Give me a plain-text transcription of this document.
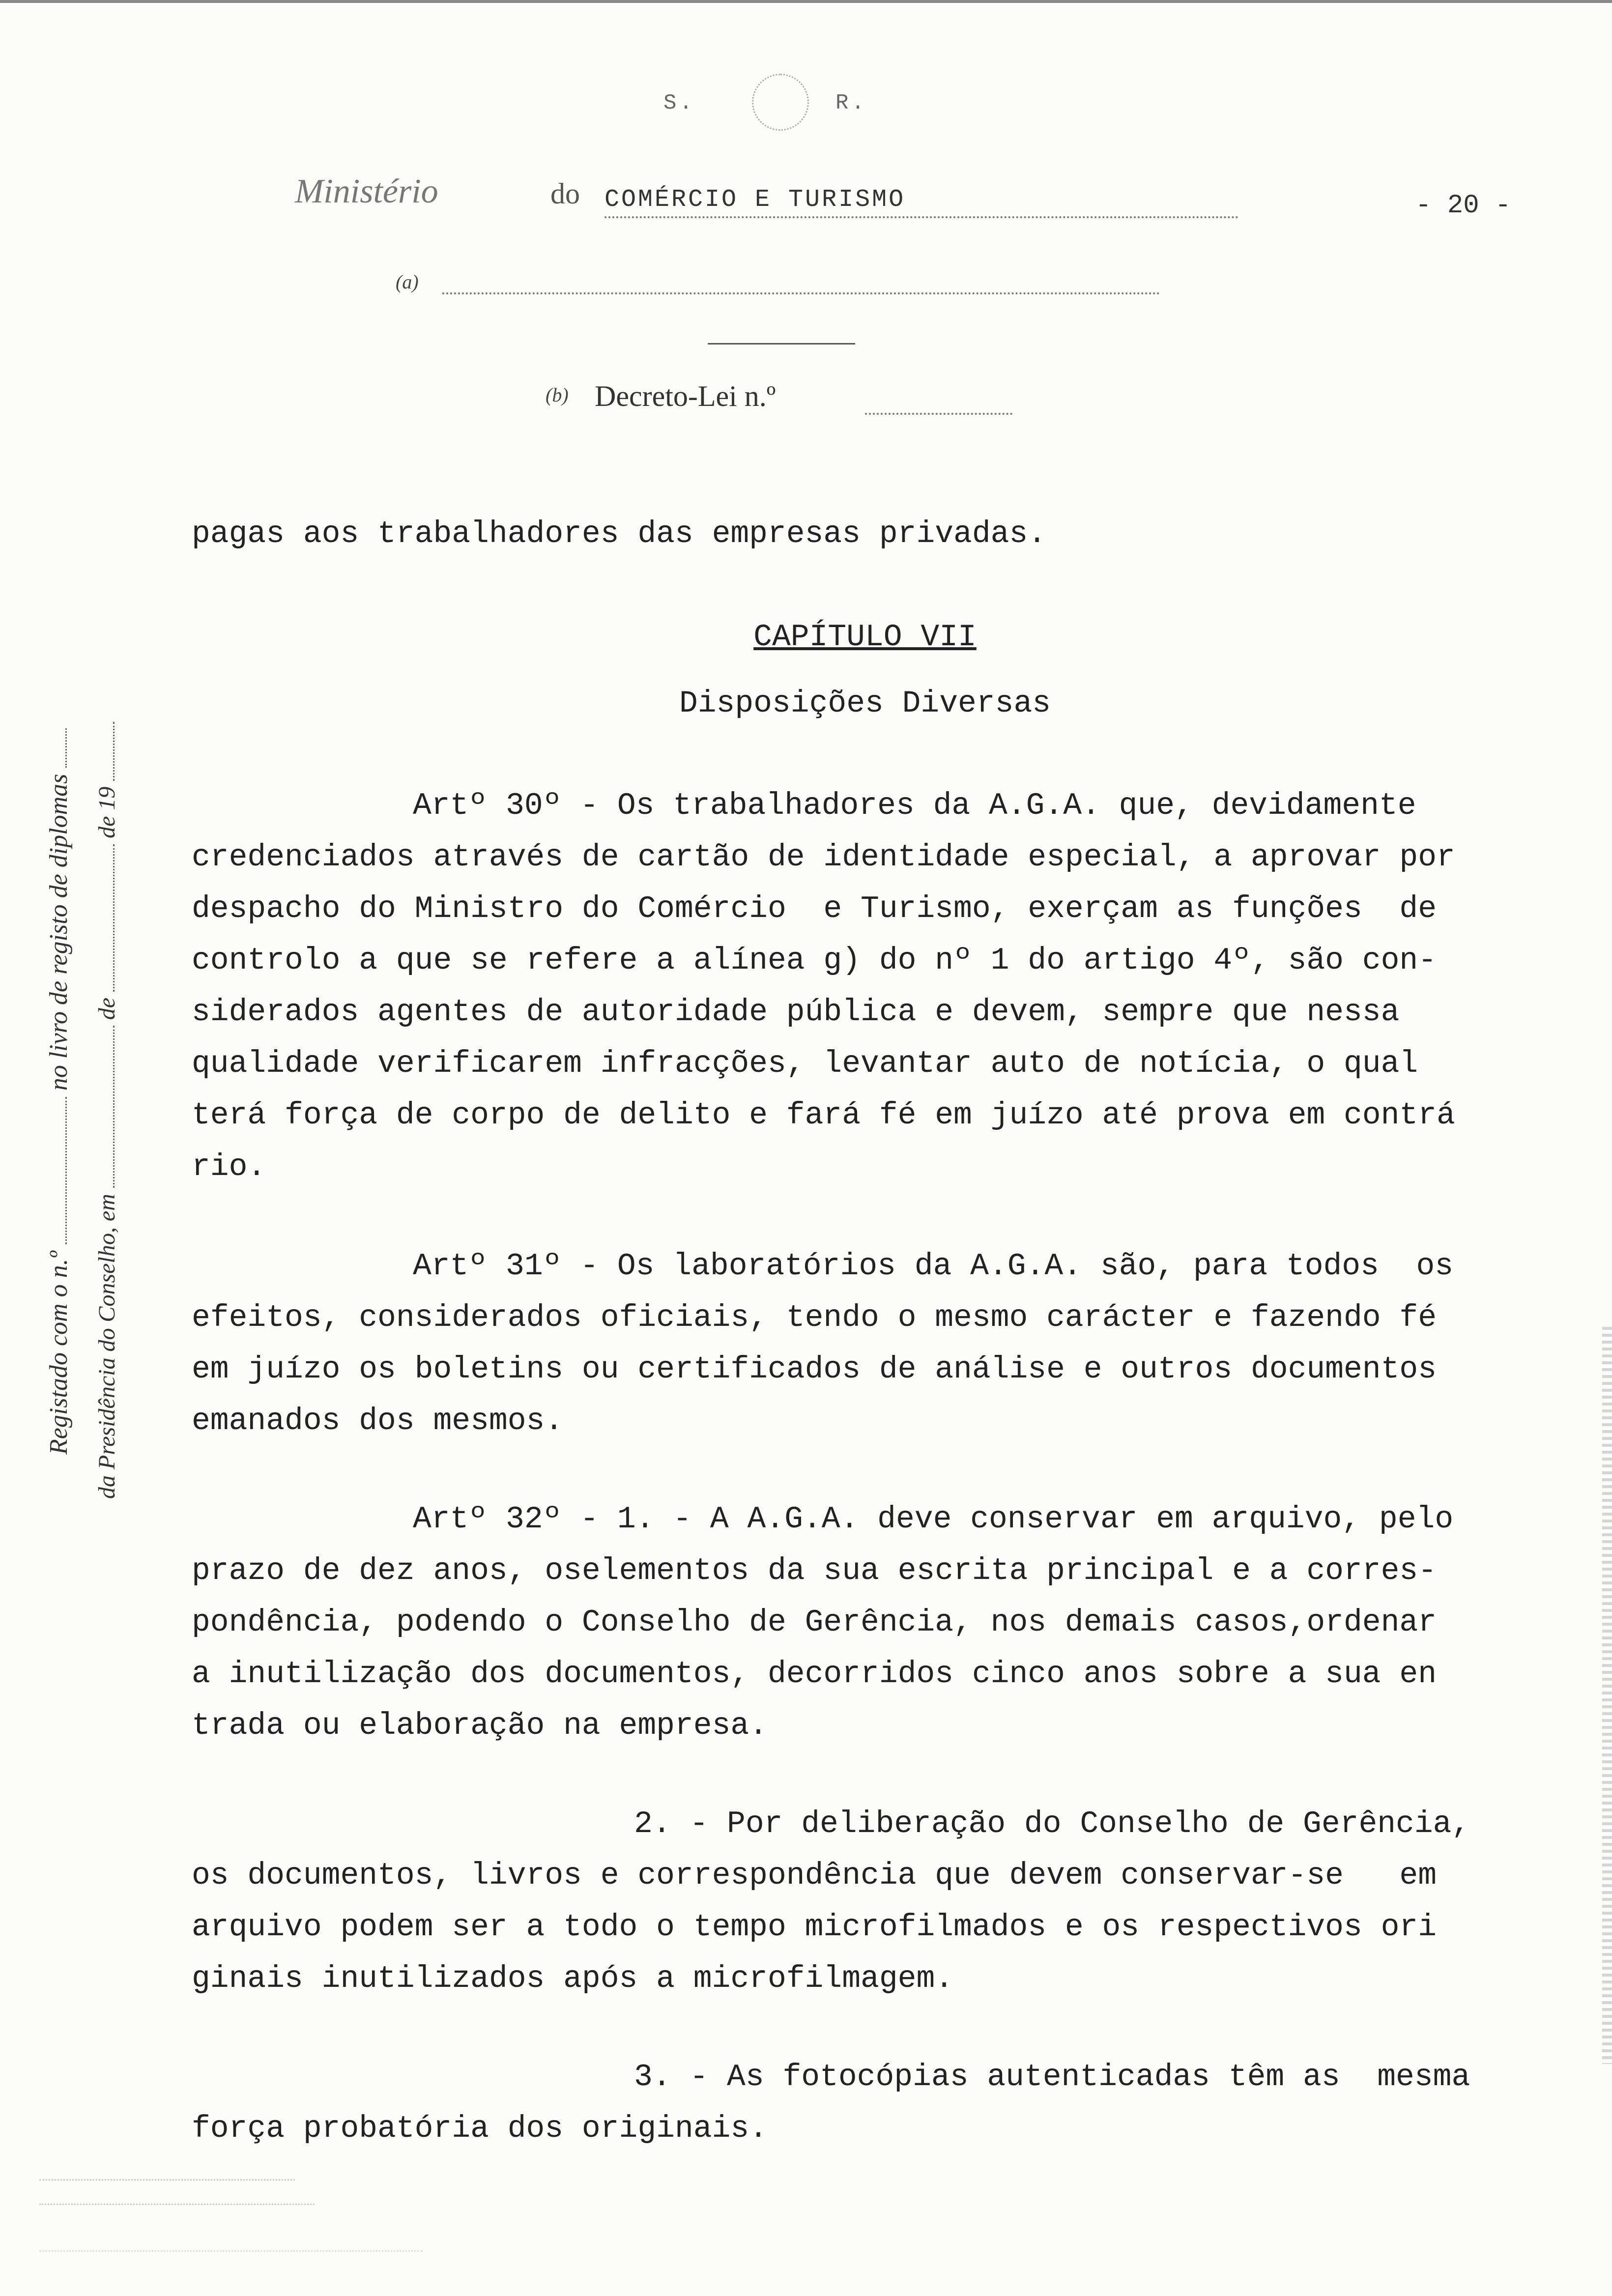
S.	R.
Ministério	do COMÉRCIO E TURISMO	- 20 -
(a)
(b) Decreto-Lei n.º
Registado com o n.º  no livro de registo de diplomas
da Presidência do Conselho, em  de  de 19
pagas aos trabalhadores das empresas privadas.
CAPÍTULO VII
Disposições Diversas
Artº 30º - Os trabalhadores da A.G.A. que, devidamente
credenciados através de cartão de identidade especial, a aprovar por
despacho do Ministro do Comércio  e Turismo, exerçam as funções  de
controlo a que se refere a alínea g) do nº 1 do artigo 4º, são con-
siderados agentes de autoridade pública e devem, sempre que nessa
qualidade verificarem infracções, levantar auto de notícia, o qual
terá força de corpo de delito e fará fé em juízo até prova em contrá
rio.
Artº 31º - Os laboratórios da A.G.A. são, para todos  os
efeitos, considerados oficiais, tendo o mesmo carácter e fazendo fé
em juízo os boletins ou certificados de análise e outros documentos
emanados dos mesmos.
Artº 32º - 1. - A A.G.A. deve conservar em arquivo, pelo
prazo de dez anos, oselementos da sua escrita principal e a corres-
pondência, podendo o Conselho de Gerência, nos demais casos,ordenar
a inutilização dos documentos, decorridos cinco anos sobre a sua en
trada ou elaboração na empresa.
2. - Por deliberação do Conselho de Gerência,
os documentos, livros e correspondência que devem conservar-se   em
arquivo podem ser a todo o tempo microfilmados e os respectivos ori
ginais inutilizados após a microfilmagem.
3. - As fotocópias autenticadas têm as  mesma
força probatória dos originais.
